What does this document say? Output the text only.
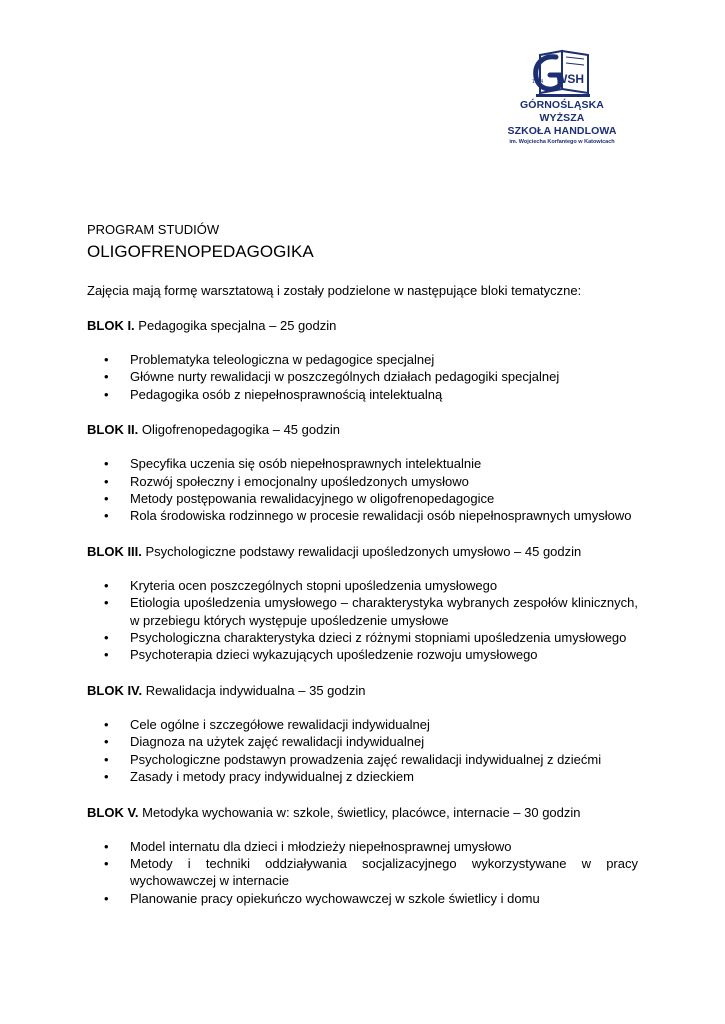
1994 WSH
GÓRNOŚLĄSKA WYŻSZA
SZKOŁA HANDLOWA
im. Wojciecha Korfantego w Katowicach

PROGRAM STUDIÓW

OLIGOFRENOPEDAGOGIKA

Zajęcia mają formę warsztatową i zostały podzielone w następujące bloki tematyczne:

BLOK I. Pedagogika specjalna – 25 godzin

• Problematyka teleologiczna w pedagogice specjalnej
• Główne nurty rewalidacji w poszczególnych działach pedagogiki specjalnej
• Pedagogika osób z niepełnosprawnością intelektualną

BLOK II. Oligofrenopedagogika – 45 godzin

• Specyfika uczenia się osób niepełnosprawnych intelektualnie
• Rozwój społeczny i emocjonalny upośledzonych umysłowo
• Metody postępowania rewalidacyjnego w oligofrenopedagogice
• Rola środowiska rodzinnego w procesie rewalidacji osób niepełnosprawnych umysłowo

BLOK III. Psychologiczne podstawy rewalidacji upośledzonych umysłowo – 45 godzin

• Kryteria ocen poszczególnych stopni upośledzenia umysłowego
• Etiologia upośledzenia umysłowego – charakterystyka wybranych zespołów klinicznych, w przebiegu których występuje upośledzenie umysłowe
• Psychologiczna charakterystyka dzieci z różnymi stopniami upośledzenia umysłowego
• Psychoterapia dzieci wykazujących upośledzenie rozwoju umysłowego

BLOK IV. Rewalidacja indywidualna – 35 godzin

• Cele ogólne i szczegółowe rewalidacji indywidualnej
• Diagnoza na użytek zajęć rewalidacji indywidualnej
• Psychologiczne podstawyn prowadzenia zajęć rewalidacji indywidualnej z dziećmi
• Zasady i metody pracy indywidualnej z dzieckiem

BLOK V. Metodyka wychowania w: szkole, świetlicy, placówce, internacie – 30 godzin

• Model internatu dla dzieci i młodzieży niepełnosprawnej umysłowo
• Metody i techniki oddziaływania socjalizacyjnego wykorzystywane w pracy wychowawczej w internacie
• Planowanie pracy opiekuńczo wychowawczej w szkole świetlicy i domu
